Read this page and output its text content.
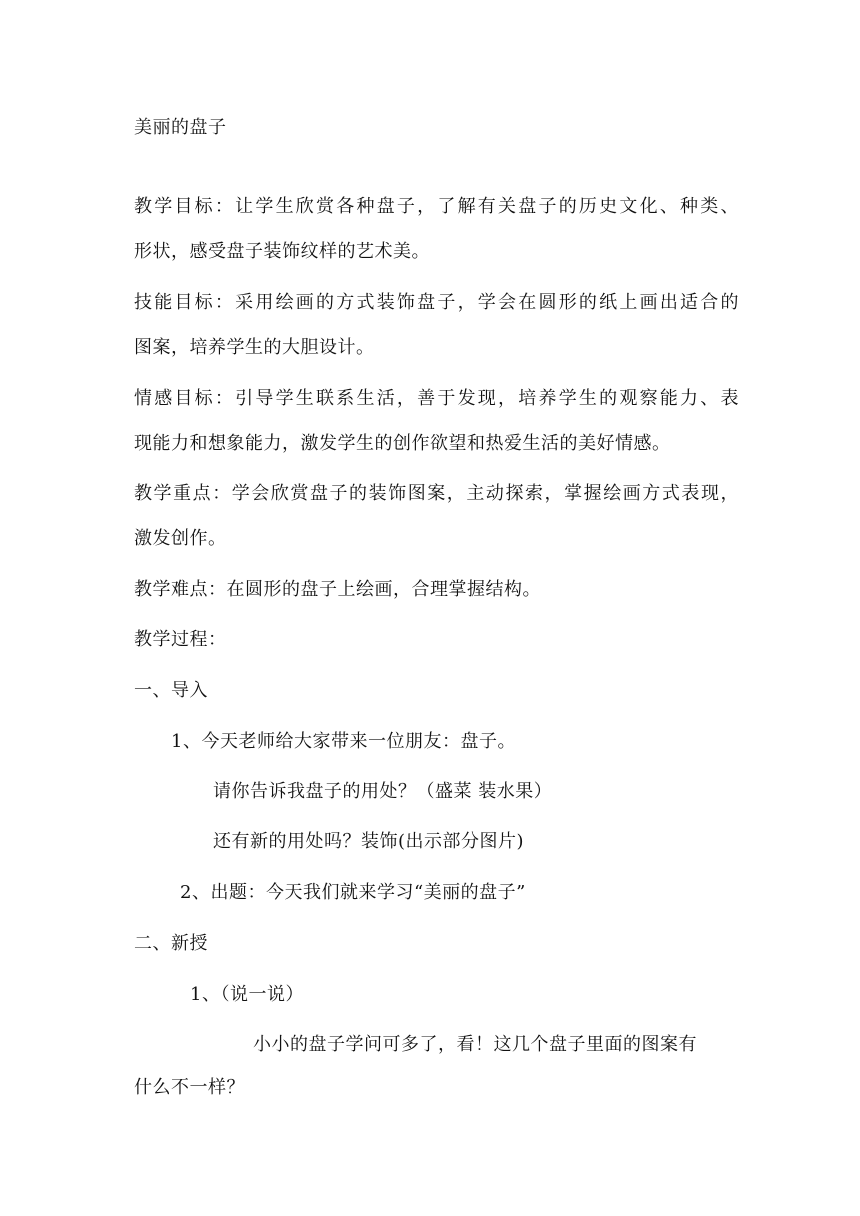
美丽的盘子
教学目标：让学生欣赏各种盘子，了解有关盘子的历史文化、种类、
形状，感受盘子装饰纹样的艺术美。
技能目标：采用绘画的方式装饰盘子，学会在圆形的纸上画出适合的
图案，培养学生的大胆设计。
情感目标：引导学生联系生活，善于发现，培养学生的观察能力、表
现能力和想象能力，激发学生的创作欲望和热爱生活的美好情感。
教学重点：学会欣赏盘子的装饰图案，主动探索，掌握绘画方式表现，
激发创作。
教学难点：在圆形的盘子上绘画，合理掌握结构。
教学过程：
一、导入
1、今天老师给大家带来一位朋友：盘子。
请你告诉我盘子的用处？（盛菜 装水果）
还有新的用处吗？装饰(出示部分图片)
2、出题：今天我们就来学习“美丽的盘子”
二、新授
1、（说一说）
小小的盘子学问可多了，看！这几个盘子里面的图案有
什么不一样？
